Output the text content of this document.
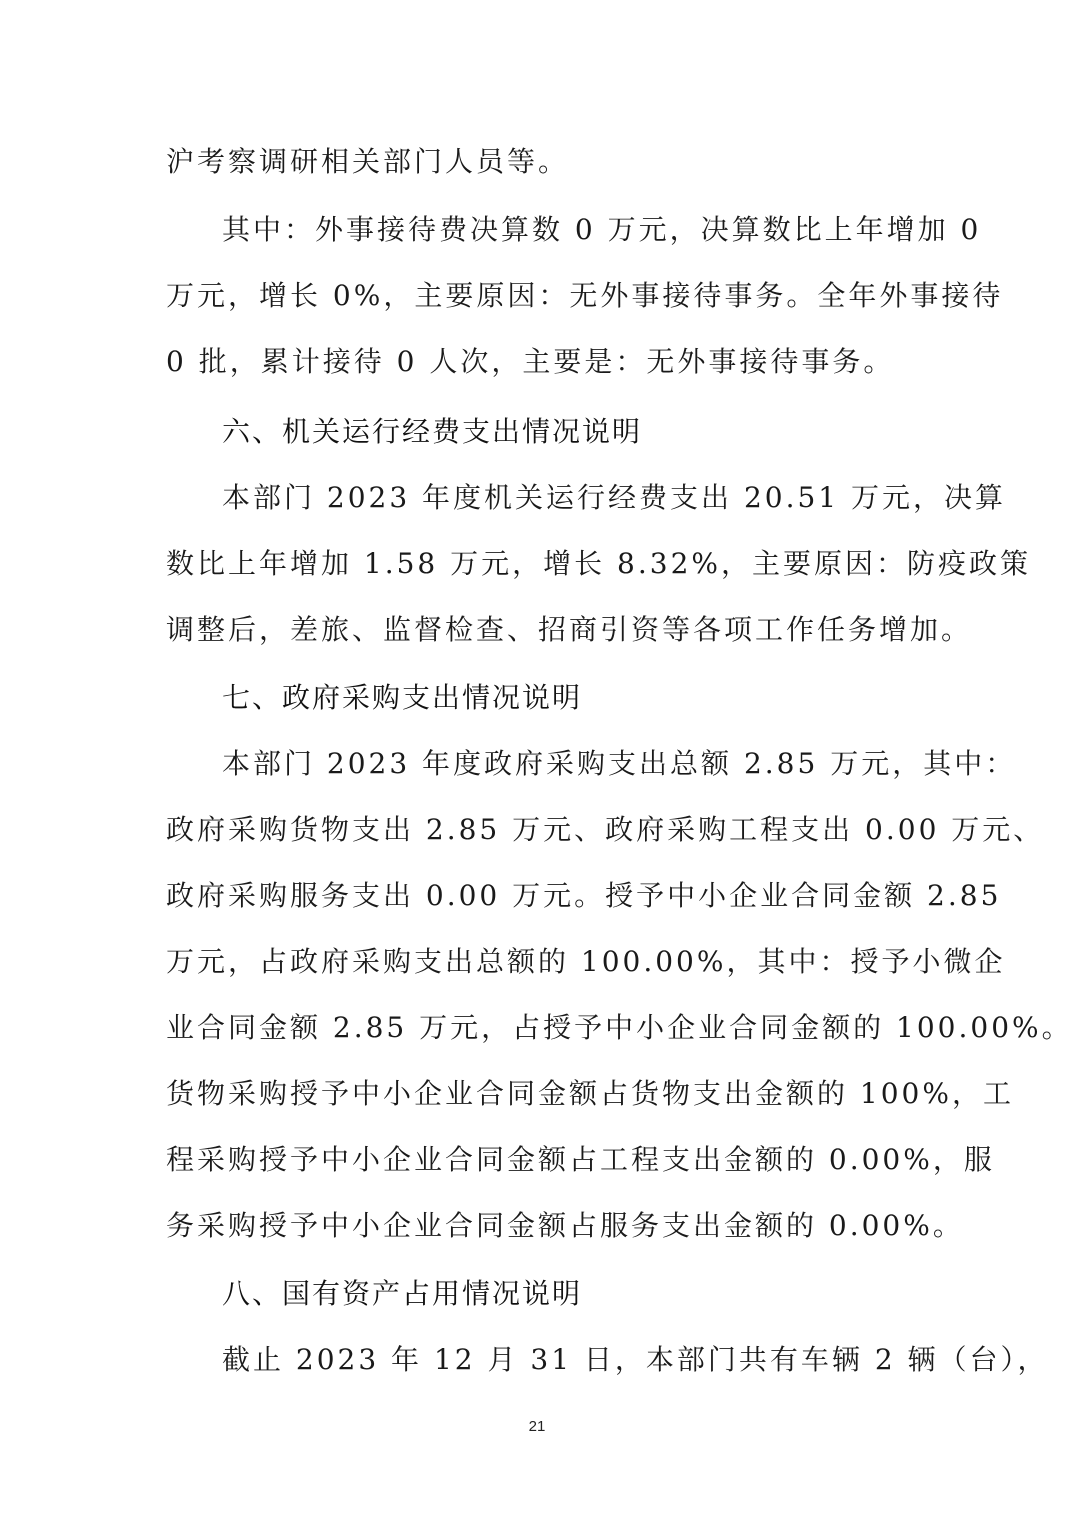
沪考察调研相关部门人员等。
其中：外事接待费决算数 0 万元，决算数比上年增加 0
万元，增长 0%，主要原因：无外事接待事务。全年外事接待
0 批，累计接待 0 人次，主要是：无外事接待事务。
六、机关运行经费支出情况说明
本部门 2023 年度机关运行经费支出 20.51 万元，决算
数比上年增加 1.58 万元，增长 8.32%，主要原因：防疫政策
调整后，差旅、监督检查、招商引资等各项工作任务增加。
七、政府采购支出情况说明
本部门 2023 年度政府采购支出总额 2.85 万元，其中：
政府采购货物支出 2.85 万元、政府采购工程支出 0.00 万元、
政府采购服务支出 0.00 万元。授予中小企业合同金额 2.85
万元，占政府采购支出总额的 100.00%，其中：授予小微企
业合同金额 2.85 万元，占授予中小企业合同金额的 100.00%。
货物采购授予中小企业合同金额占货物支出金额的 100%，工
程采购授予中小企业合同金额占工程支出金额的 0.00%，服
务采购授予中小企业合同金额占服务支出金额的 0.00%。
八、国有资产占用情况说明
截止 2023 年 12 月 31 日，本部门共有车辆 2 辆（台），
21
